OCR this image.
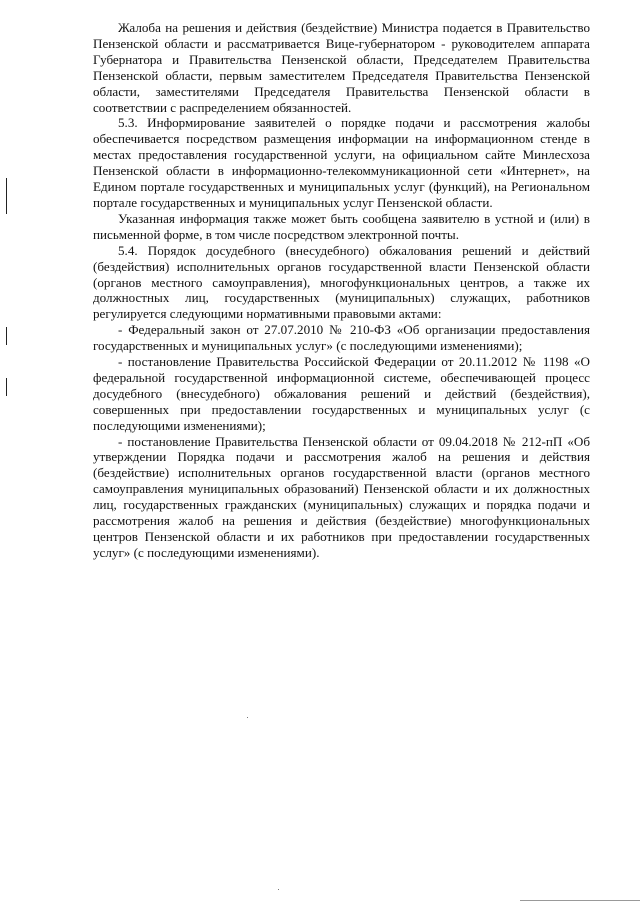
Жалоба на решения и действия (бездействие) Министра подается в Правительство Пензенской области и рассматривается Вице-губернатором - руководителем аппарата Губернатора и Правительства Пензенской области, Председателем Правительства Пензенской области, первым заместителем Председателя Правительства Пензенской области, заместителями Председателя Правительства Пензенской области в соответствии с распределением обязанностей.

5.3. Информирование заявителей о порядке подачи и рассмотрения жалобы обеспечивается посредством размещения информации на информационном стенде в местах предоставления государственной услуги, на официальном сайте Минлесхоза Пензенской области в информационно-телекоммуникационной сети «Интернет», на Едином портале государственных и муниципальных услуг (функций), на Региональном портале государственных и муниципальных услуг Пензенской области.

Указанная информация также может быть сообщена заявителю в устной и (или) в письменной форме, в том числе посредством электронной почты.

5.4. Порядок досудебного (внесудебного) обжалования решений и действий (бездействия) исполнительных органов государственной власти Пензенской области (органов местного самоуправления), многофункциональных центров, а также их должностных лиц, государственных (муниципальных) служащих, работников регулируется следующими нормативными правовыми актами:

- Федеральный закон от 27.07.2010 № 210-ФЗ «Об организации предоставления государственных и муниципальных услуг» (с последующими изменениями);

- постановление Правительства Российской Федерации от 20.11.2012 № 1198 «О федеральной государственной информационной системе, обеспечивающей процесс досудебного (внесудебного) обжалования решений и действий (бездействия), совершенных при предоставлении государственных и муниципальных услуг (с последующими изменениями);

- постановление Правительства Пензенской области от 09.04.2018 № 212-пП «Об утверждении Порядка подачи и рассмотрения жалоб на решения и действия (бездействие) исполнительных органов государственной власти (органов местного самоуправления муниципальных образований) Пензенской области и их должностных лиц, государственных гражданских (муниципальных) служащих и порядка подачи и рассмотрения жалоб на решения и действия (бездействие) многофункциональных центров Пензенской области и их работников при предоставлении государственных услуг» (с последующими изменениями).
